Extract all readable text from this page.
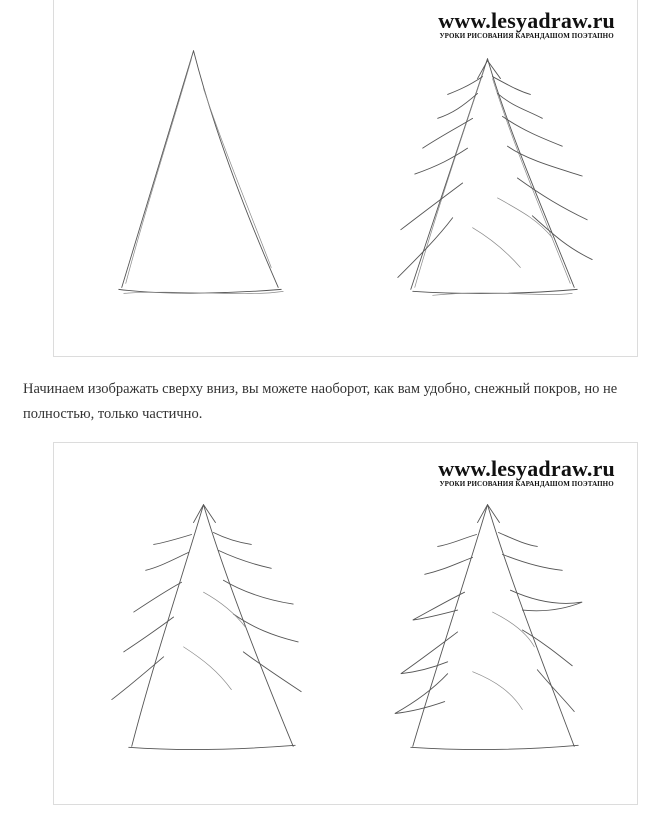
www.lesyadraw.ru
УРОКИ РИСОВАНИЯ КАРАНДАШОМ ПОЭТАПНО
Начинаем изображать сверху вниз, вы можете наоборот, как вам удобно, снежный покров, но не
полностью, только частично.
www.lesyadraw.ru
УРОКИ РИСОВАНИЯ КАРАНДАШОМ ПОЭТАПНО
